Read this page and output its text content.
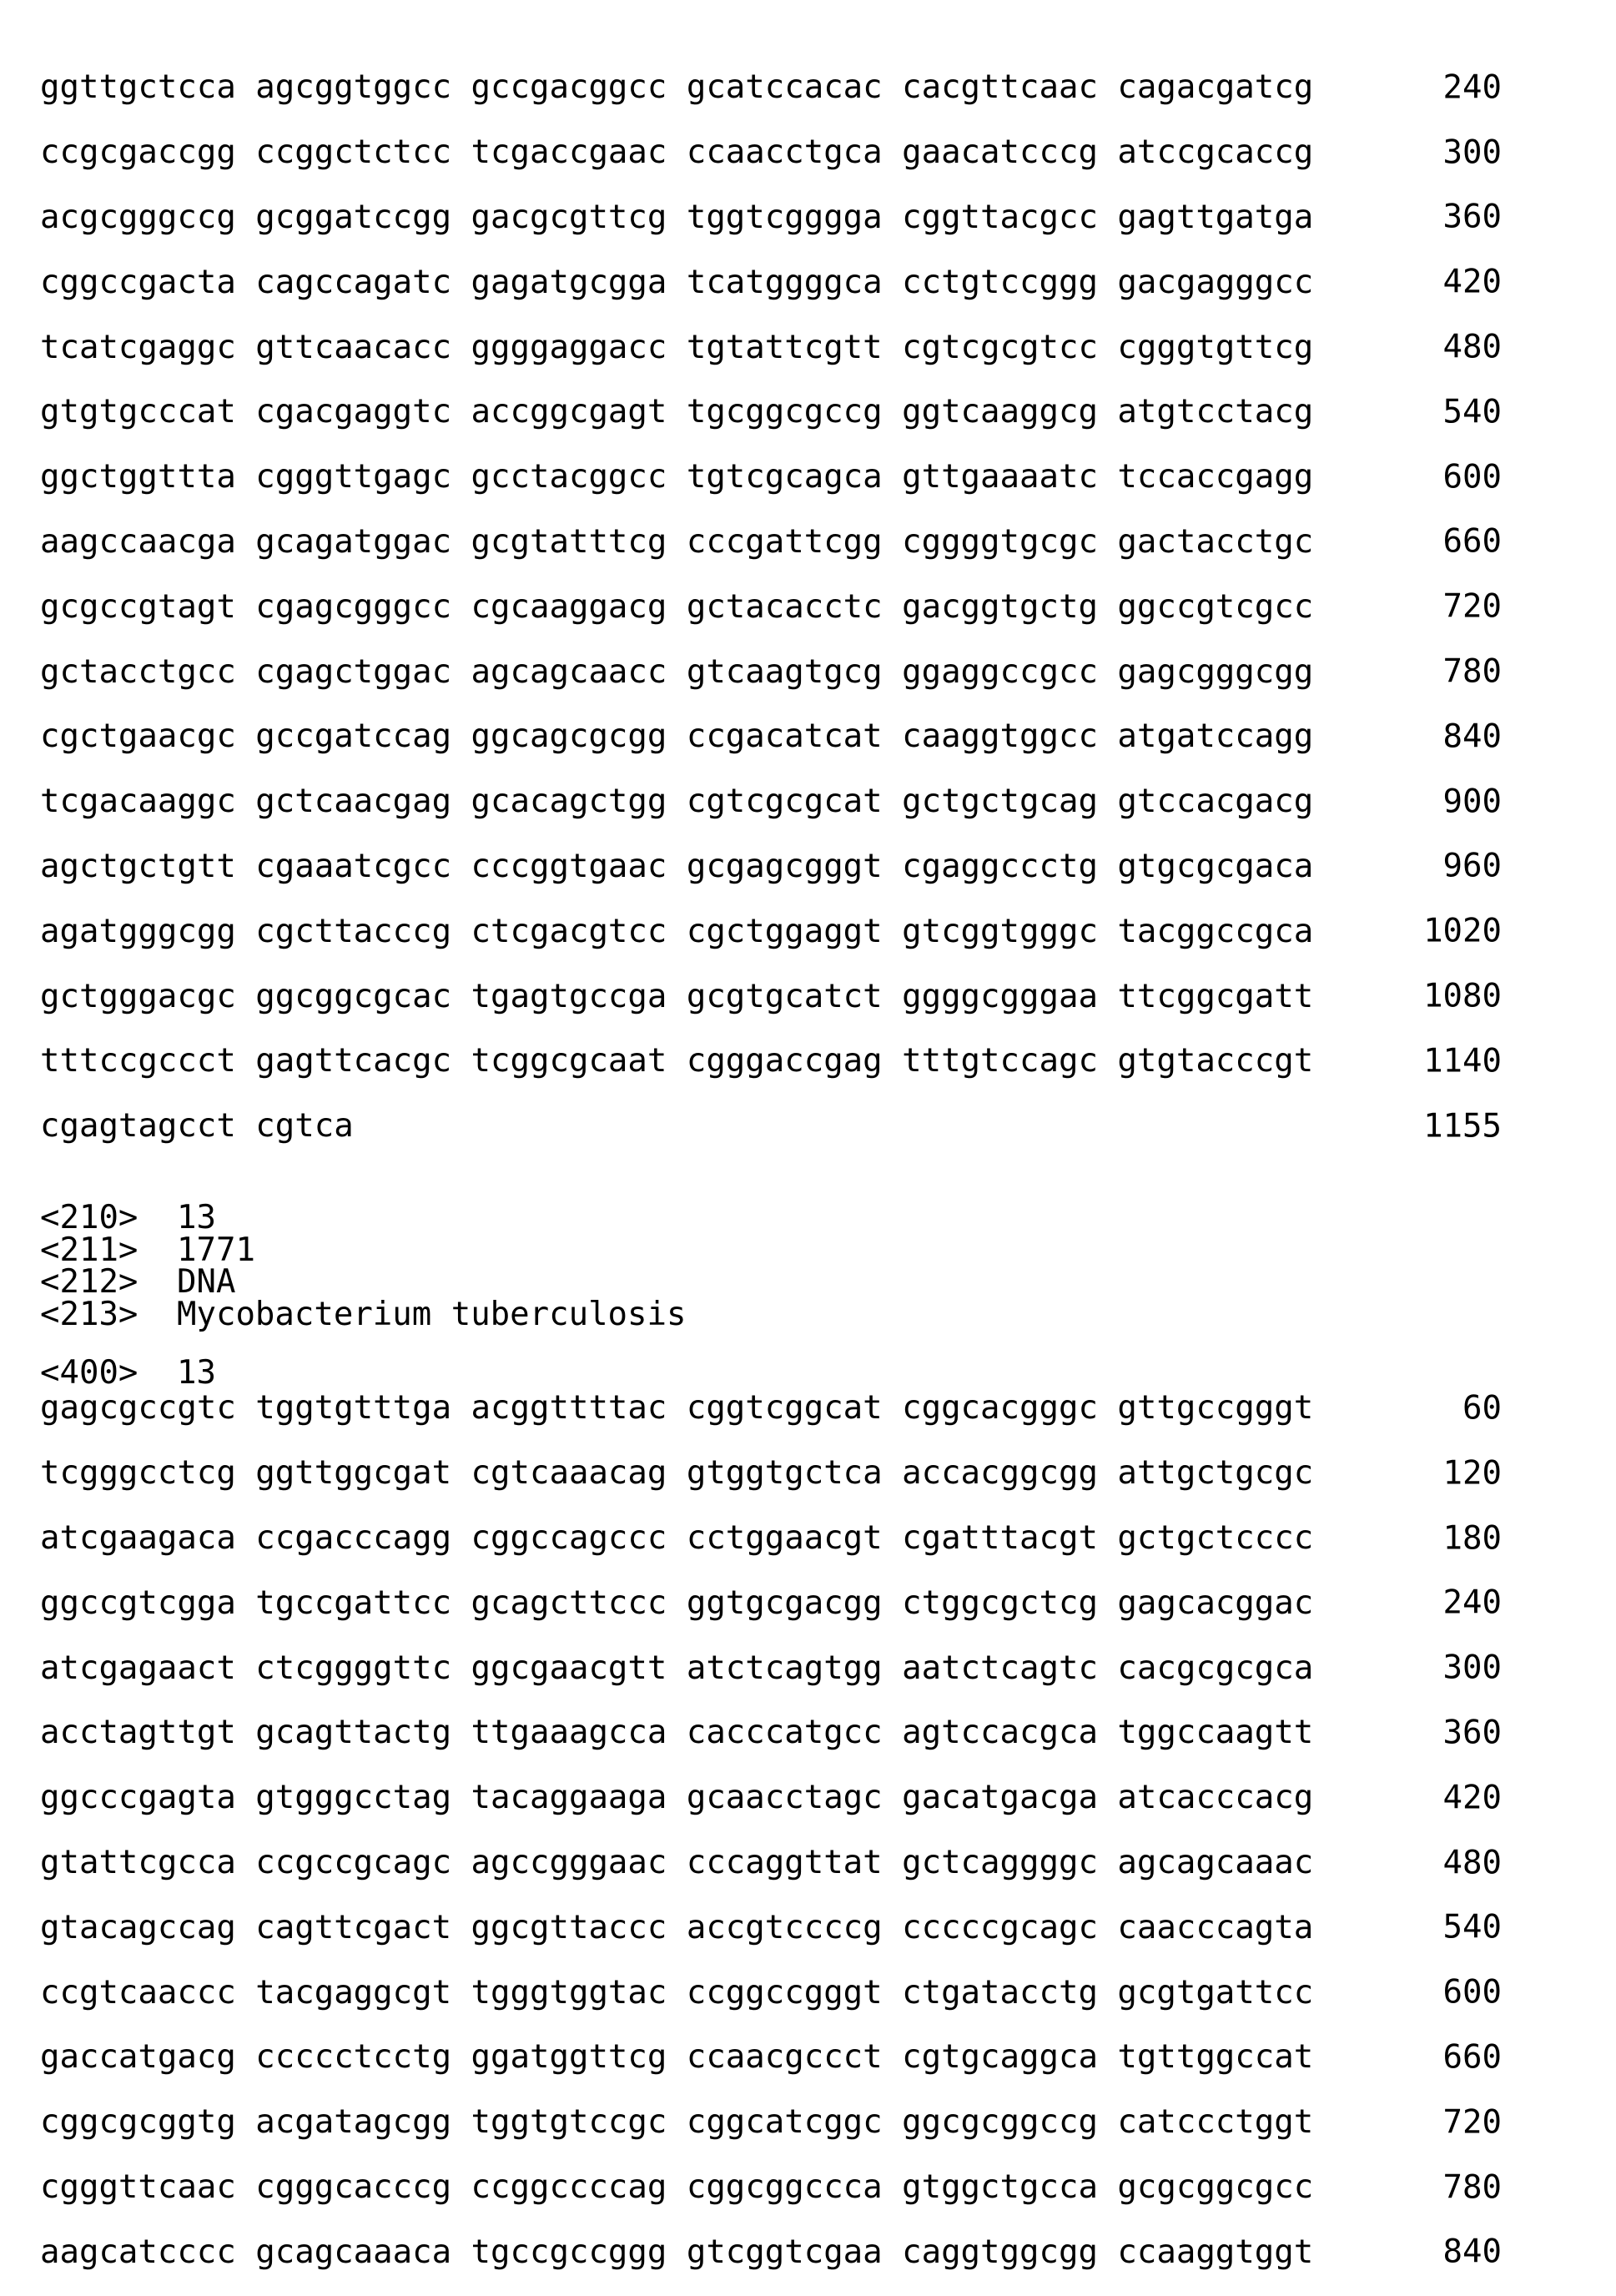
ggttgctcca agcggtggcc gccgacggcc gcatccacac cacgttcaac cagacgatcg	240
ccgcgaccgg ccggctctcc tcgaccgaac ccaacctgca gaacatcccg atccgcaccg	300
acgcgggccg gcggatccgg gacgcgttcg tggtcgggga cggttacgcc gagttgatga	360
cggccgacta cagccagatc gagatgcgga tcatggggca cctgtccggg gacgagggcc	420
tcatcgaggc gttcaacacc ggggaggacc tgtattcgtt cgtcgcgtcc cgggtgttcg	480
gtgtgcccat cgacgaggtc accggcgagt tgcggcgccg ggtcaaggcg atgtcctacg	540
ggctggttta cgggttgagc gcctacggcc tgtcgcagca gttgaaaatc tccaccgagg	600
aagccaacga gcagatggac gcgtatttcg cccgattcgg cggggtgcgc gactacctgc	660
gcgccgtagt cgagcgggcc cgcaaggacg gctacacctc gacggtgctg ggccgtcgcc	720
gctacctgcc cgagctggac agcagcaacc gtcaagtgcg ggaggccgcc gagcgggcgg	780
cgctgaacgc gccgatccag ggcagcgcgg ccgacatcat caaggtggcc atgatccagg	840
tcgacaaggc gctcaacgag gcacagctgg cgtcgcgcat gctgctgcag gtccacgacg	900
agctgctgtt cgaaatcgcc cccggtgaac gcgagcgggt cgaggccctg gtgcgcgaca	960
agatgggcgg cgcttacccg ctcgacgtcc cgctggaggt gtcggtgggc tacggccgca	1020
gctgggacgc ggcggcgcac tgagtgccga gcgtgcatct ggggcgggaa ttcggcgatt	1080
tttccgccct gagttcacgc tcggcgcaat cgggaccgag tttgtccagc gtgtacccgt	1140
cgagtagcct cgtca	1155
<210>	13
<211>	1771
<212>	DNA
<213>	Mycobacterium tuberculosis
<400>	13
gagcgccgtc tggtgtttga acggttttac cggtcggcat cggcacgggc gttgccgggt	60
tcgggcctcg ggttggcgat cgtcaaacag gtggtgctca accacggcgg attgctgcgc	120
atcgaagaca ccgacccagg cggccagccc cctggaacgt cgatttacgt gctgctcccc	180
ggccgtcgga tgccgattcc gcagcttccc ggtgcgacgg ctggcgctcg gagcacggac	240
atcgagaact ctcggggttc ggcgaacgtt atctcagtgg aatctcagtc cacgcgcgca	300
acctagttgt gcagttactg ttgaaagcca cacccatgcc agtccacgca tggccaagtt	360
ggcccgagta gtgggcctag tacaggaaga gcaacctagc gacatgacga atcacccacg	420
gtattcgcca ccgccgcagc agccgggaac cccaggttat gctcaggggc agcagcaaac	480
gtacagccag cagttcgact ggcgttaccc accgtccccg cccccgcagc caacccagta	540
ccgtcaaccc tacgaggcgt tgggtggtac ccggccgggt ctgatacctg gcgtgattcc	600
gaccatgacg ccccctcctg ggatggttcg ccaacgccct cgtgcaggca tgttggccat	660
cggcgcggtg acgatagcgg tggtgtccgc cggcatcggc ggcgcggccg catccctggt	720
cgggttcaac cgggcacccg ccggccccag cggcggccca gtggctgcca gcgcggcgcc	780
aagcatcccc gcagcaaaca tgccgccggg gtcggtcgaa caggtggcgg ccaaggtggt	840
